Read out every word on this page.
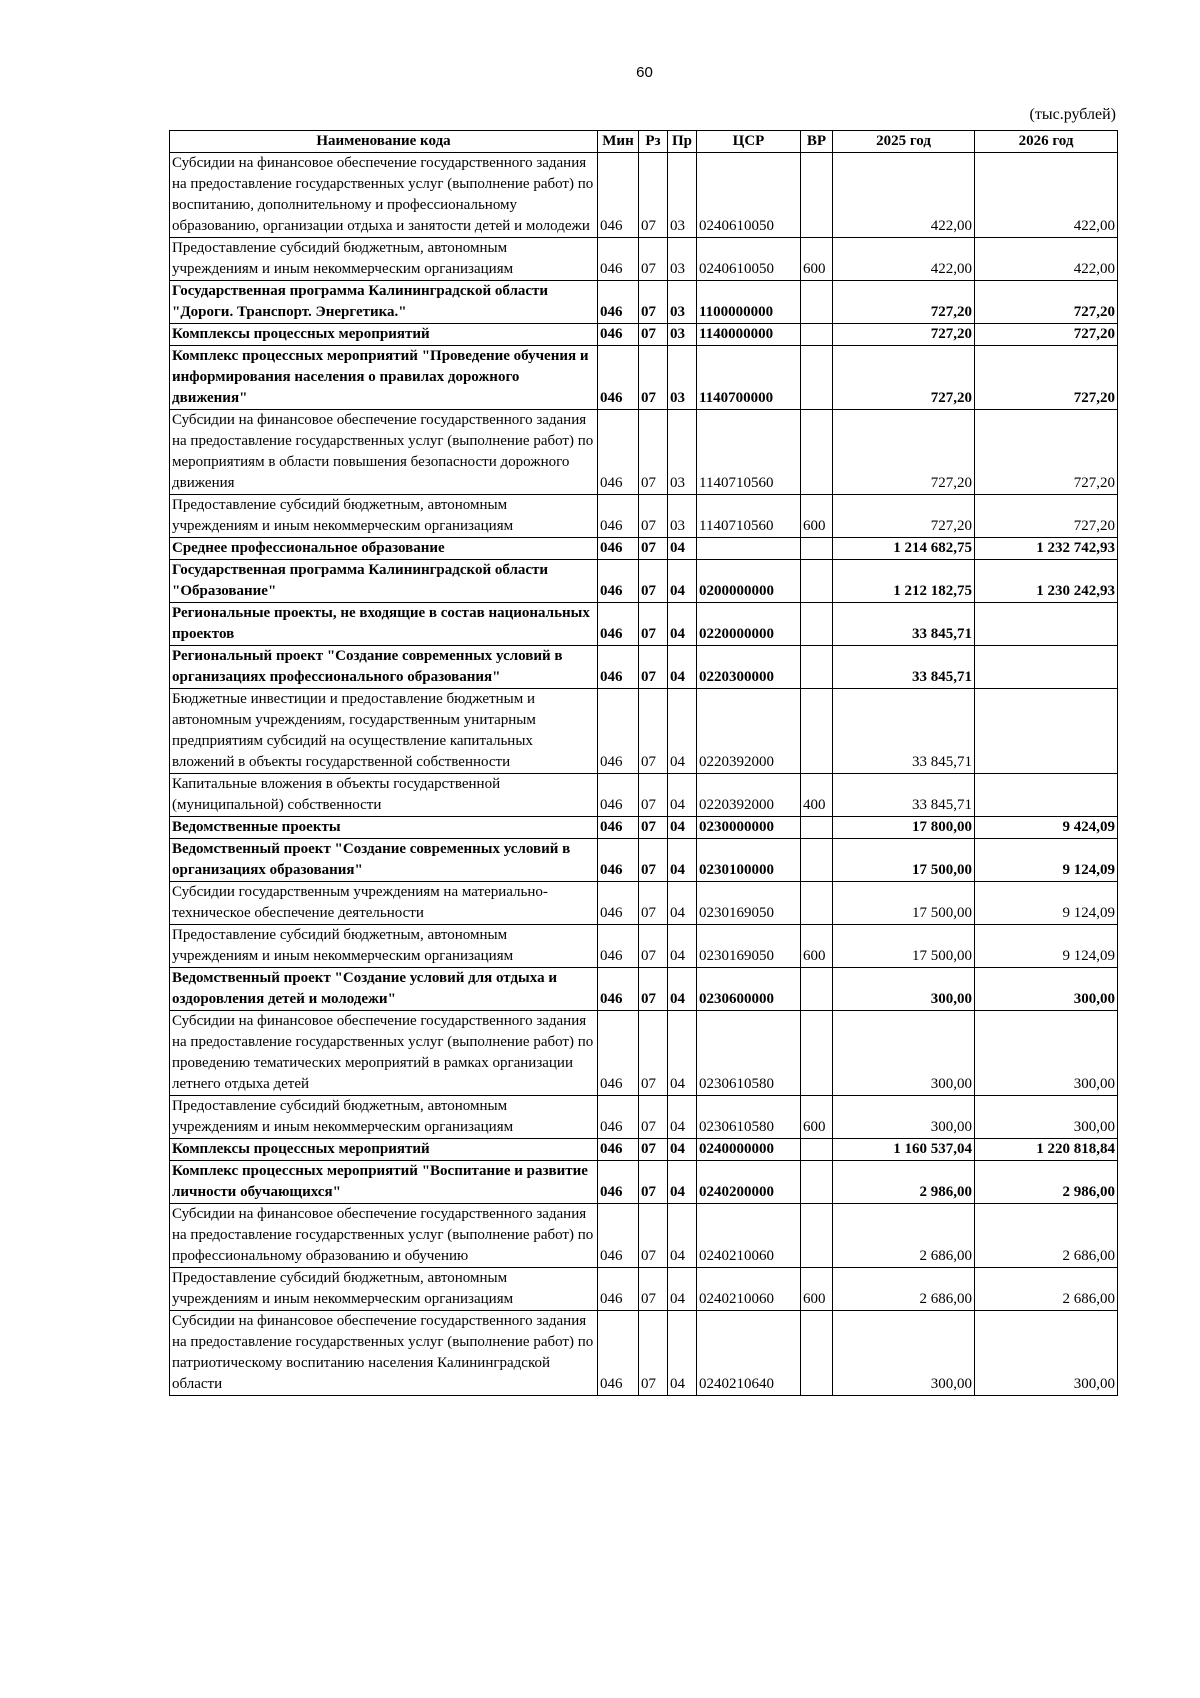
60
(тыс.рублей)
Наименование кода	Мин	Рз	Пр	ЦСР	ВР	2025 год	2026 год
Субсидии на финансовое обеспечение государственного задания на предоставление государственных услуг (выполнение работ) по воспитанию, дополнительному и профессиональному образованию, организации отдыха и занятости детей и молодежи	046	07	03	0240610050		422,00	422,00
Предоставление субсидий бюджетным, автономным учреждениям и иным некоммерческим организациям	046	07	03	0240610050	600	422,00	422,00
Государственная программа Калининградской области "Дороги. Транспорт. Энергетика."	046	07	03	1100000000		727,20	727,20
Комплексы процессных мероприятий	046	07	03	1140000000		727,20	727,20
Комплекс процессных мероприятий "Проведение обучения и информирования населения о правилах дорожного движения"	046	07	03	1140700000		727,20	727,20
Субсидии на финансовое обеспечение государственного задания на предоставление государственных услуг (выполнение работ) по мероприятиям в области повышения безопасности дорожного движения	046	07	03	1140710560		727,20	727,20
Предоставление субсидий бюджетным, автономным учреждениям и иным некоммерческим организациям	046	07	03	1140710560	600	727,20	727,20
Среднее профессиональное образование	046	07	04			1 214 682,75	1 232 742,93
Государственная программа Калининградской области "Образование"	046	07	04	0200000000		1 212 182,75	1 230 242,93
Региональные проекты, не входящие в состав национальных проектов	046	07	04	0220000000		33 845,71	
Региональный проект "Создание современных условий в организациях профессионального образования"	046	07	04	0220300000		33 845,71	
Бюджетные инвестиции и предоставление бюджетным и автономным учреждениям, государственным унитарным предприятиям субсидий на осуществление капитальных вложений в объекты государственной собственности	046	07	04	0220392000		33 845,71	
Капитальные вложения в объекты государственной (муниципальной) собственности	046	07	04	0220392000	400	33 845,71	
Ведомственные проекты	046	07	04	0230000000		17 800,00	9 424,09
Ведомственный проект "Создание современных условий в организациях образования"	046	07	04	0230100000		17 500,00	9 124,09
Субсидии государственным учреждениям на материально-техническое обеспечение деятельности	046	07	04	0230169050		17 500,00	9 124,09
Предоставление субсидий бюджетным, автономным учреждениям и иным некоммерческим организациям	046	07	04	0230169050	600	17 500,00	9 124,09
Ведомственный проект "Создание условий для отдыха и оздоровления детей и молодежи"	046	07	04	0230600000		300,00	300,00
Субсидии на финансовое обеспечение государственного задания на предоставление государственных услуг (выполнение работ) по проведению тематических мероприятий в рамках организации летнего отдыха детей	046	07	04	0230610580		300,00	300,00
Предоставление субсидий бюджетным, автономным учреждениям и иным некоммерческим организациям	046	07	04	0230610580	600	300,00	300,00
Комплексы процессных мероприятий	046	07	04	0240000000		1 160 537,04	1 220 818,84
Комплекс процессных мероприятий "Воспитание и развитие личности обучающихся"	046	07	04	0240200000		2 986,00	2 986,00
Субсидии на финансовое обеспечение государственного задания на предоставление государственных услуг (выполнение работ) по профессиональному образованию и обучению	046	07	04	0240210060		2 686,00	2 686,00
Предоставление субсидий бюджетным, автономным учреждениям и иным некоммерческим организациям	046	07	04	0240210060	600	2 686,00	2 686,00
Субсидии на финансовое обеспечение государственного задания на предоставление государственных услуг (выполнение работ) по патриотическому воспитанию населения Калининградской области	046	07	04	0240210640		300,00	300,00
